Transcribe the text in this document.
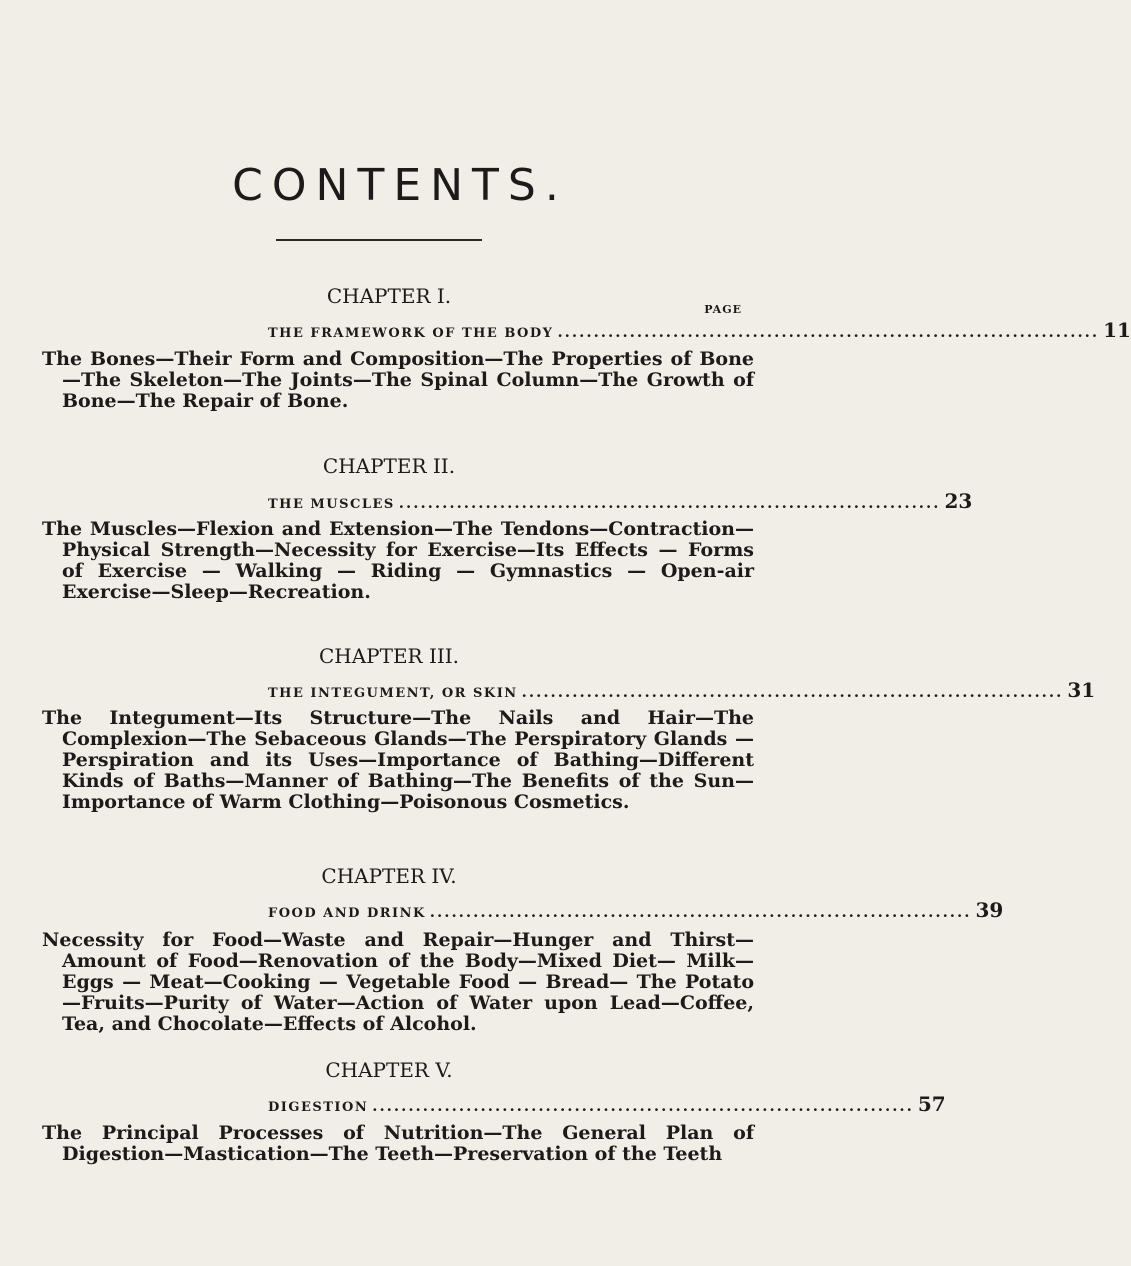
CONTENTS.
PAGE
CHAPTER I.
THE FRAMEWORK OF THE BODY ........................................................................... 11
The Bones—Their Form and Composition—The Properties of Bone—The Skeleton—The Joints—The Spinal Column—The Growth of Bone—The Repair of Bone.
CHAPTER II.
THE MUSCLES ........................................................................... 23
The Muscles—Flexion and Extension—The Tendons—Contraction—Physical Strength—Necessity for Exercise—Its Effects — Forms of Exercise — Walking — Riding — Gymnastics — Open-air Exercise—Sleep—Recreation.
CHAPTER III.
THE INTEGUMENT, OR SKIN ........................................................................... 31
The Integument—Its Structure—The Nails and Hair—The Complexion—The Sebaceous Glands—The Perspiratory Glands —Perspiration and its Uses—Importance of Bathing—Different Kinds of Baths—Manner of Bathing—The Benefits of the Sun—Importance of Warm Clothing—Poisonous Cosmetics.
CHAPTER IV.
FOOD AND DRINK ........................................................................... 39
Necessity for Food—Waste and Repair—Hunger and Thirst— Amount of Food—Renovation of the Body—Mixed Diet— Milk—Eggs — Meat—Cooking — Vegetable Food — Bread— The Potato—Fruits—Purity of Water—Action of Water upon Lead—Coffee, Tea, and Chocolate—Effects of Alcohol.
CHAPTER V.
DIGESTION ........................................................................... 57
The Principal Processes of Nutrition—The General Plan of Digestion—Mastication—The Teeth—Preservation of the Teeth
